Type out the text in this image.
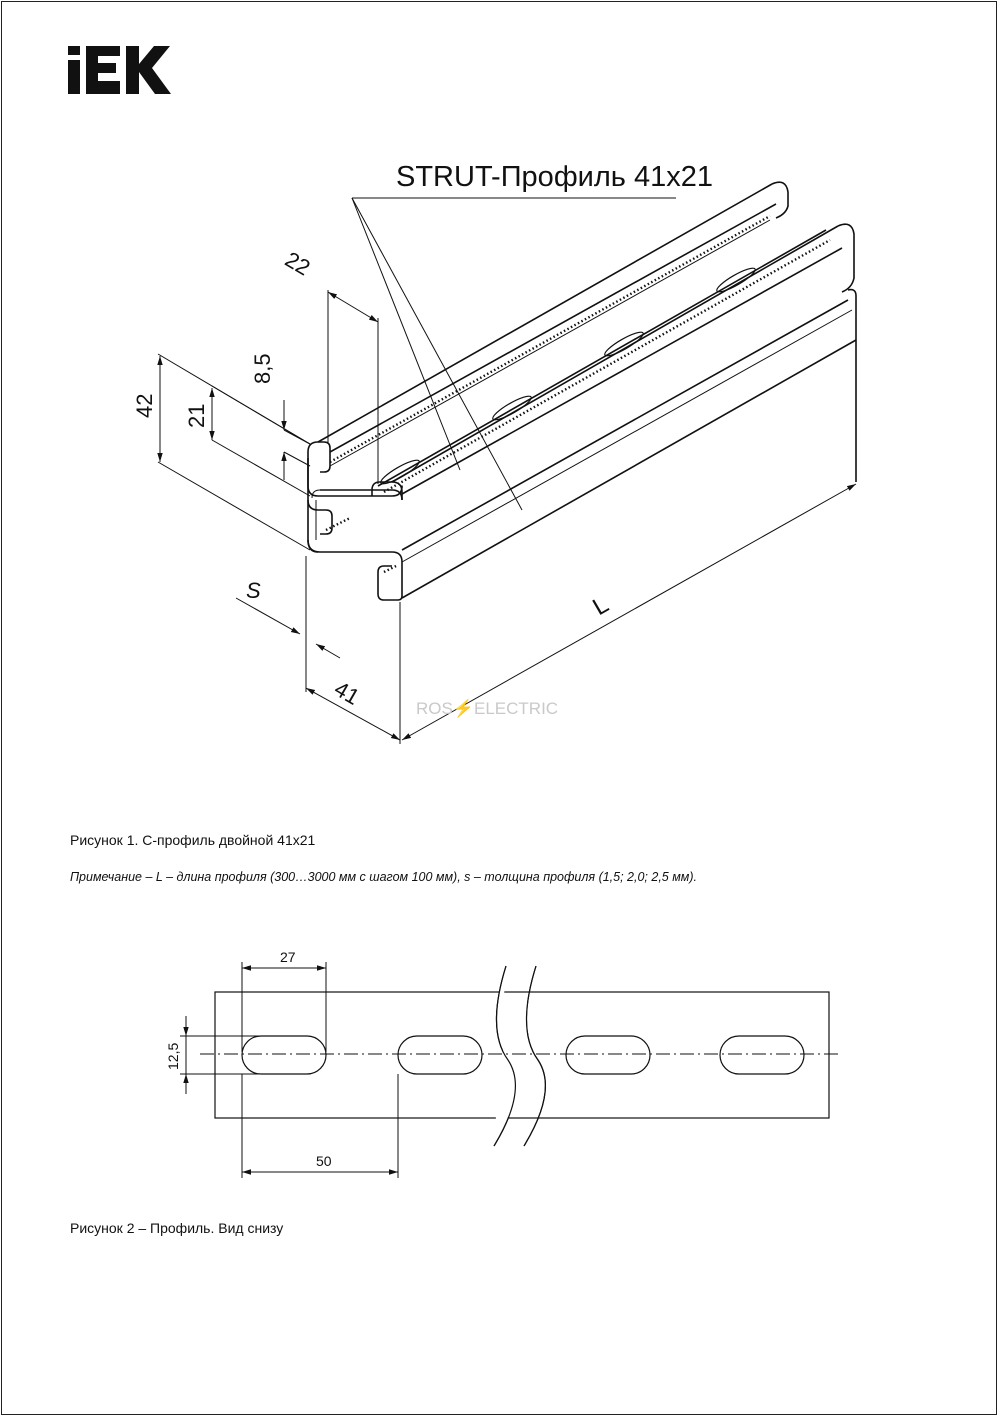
STRUT-Профиль 41х21
22
8,5
42 21
S
41
L
ROS⚡ELECTRIC
27
12,5
50
Рисунок 1. С-профиль двойной 41х21
Примечание – L – длина профиля (300…3000 мм с шагом 100 мм), s – толщина профиля (1,5; 2,0; 2,5 мм).
Рисунок 2 – Профиль. Вид снизу
